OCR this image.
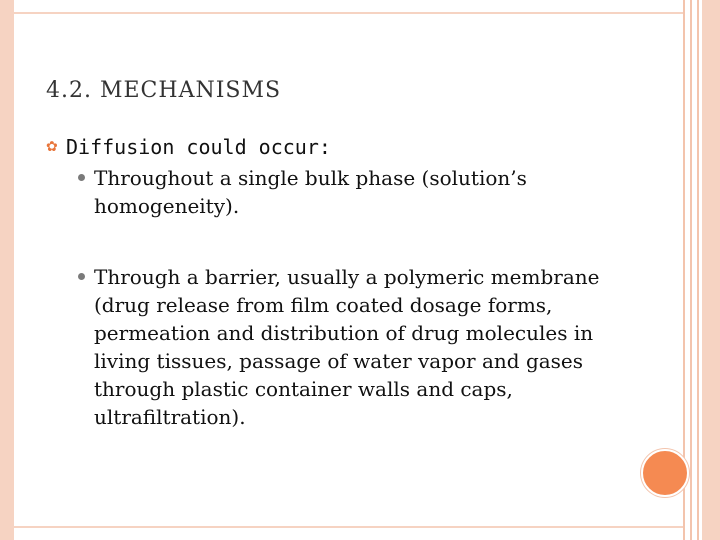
4.2. MECHANISMS
✿ Diffusion could occur:
Throughout a single bulk phase (solution’s homogeneity).
Through a barrier, usually a polymeric membrane (drug release from film coated dosage forms, permeation and distribution of drug molecules in living tissues, passage of water vapor and gases through plastic container walls and caps, ultrafiltration).
